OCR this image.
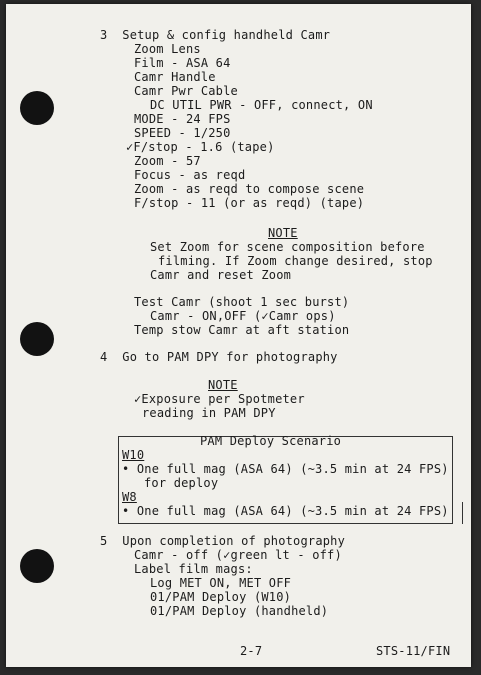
3  Setup & config handheld Camr
Zoom Lens
Film - ASA 64
Camr Handle
Camr Pwr Cable
DC UTIL PWR - OFF, connect, ON
MODE - 24 FPS
SPEED - 1/250
✓F/stop - 1.6 (tape)
Zoom - 57
Focus - as reqd
Zoom - as reqd to compose scene
F/stop - 11 (or as reqd) (tape)
NOTE
Set Zoom for scene composition before
filming. If Zoom change desired, stop
Camr and reset Zoom
Test Camr (shoot 1 sec burst)
Camr - ON,OFF (✓Camr ops)
Temp stow Camr at aft station
4  Go to PAM DPY for photography
NOTE
✓Exposure per Spotmeter
reading in PAM DPY
PAM Deploy Scenario
W10
• One full mag (ASA 64) (~3.5 min at 24 FPS)
for deploy
W8
• One full mag (ASA 64) (~3.5 min at 24 FPS)
5  Upon completion of photography
Camr - off (✓green lt - off)
Label film mags:
Log MET ON, MET OFF
01/PAM Deploy (W10)
01/PAM Deploy (handheld)
2-7	STS-11/FIN
